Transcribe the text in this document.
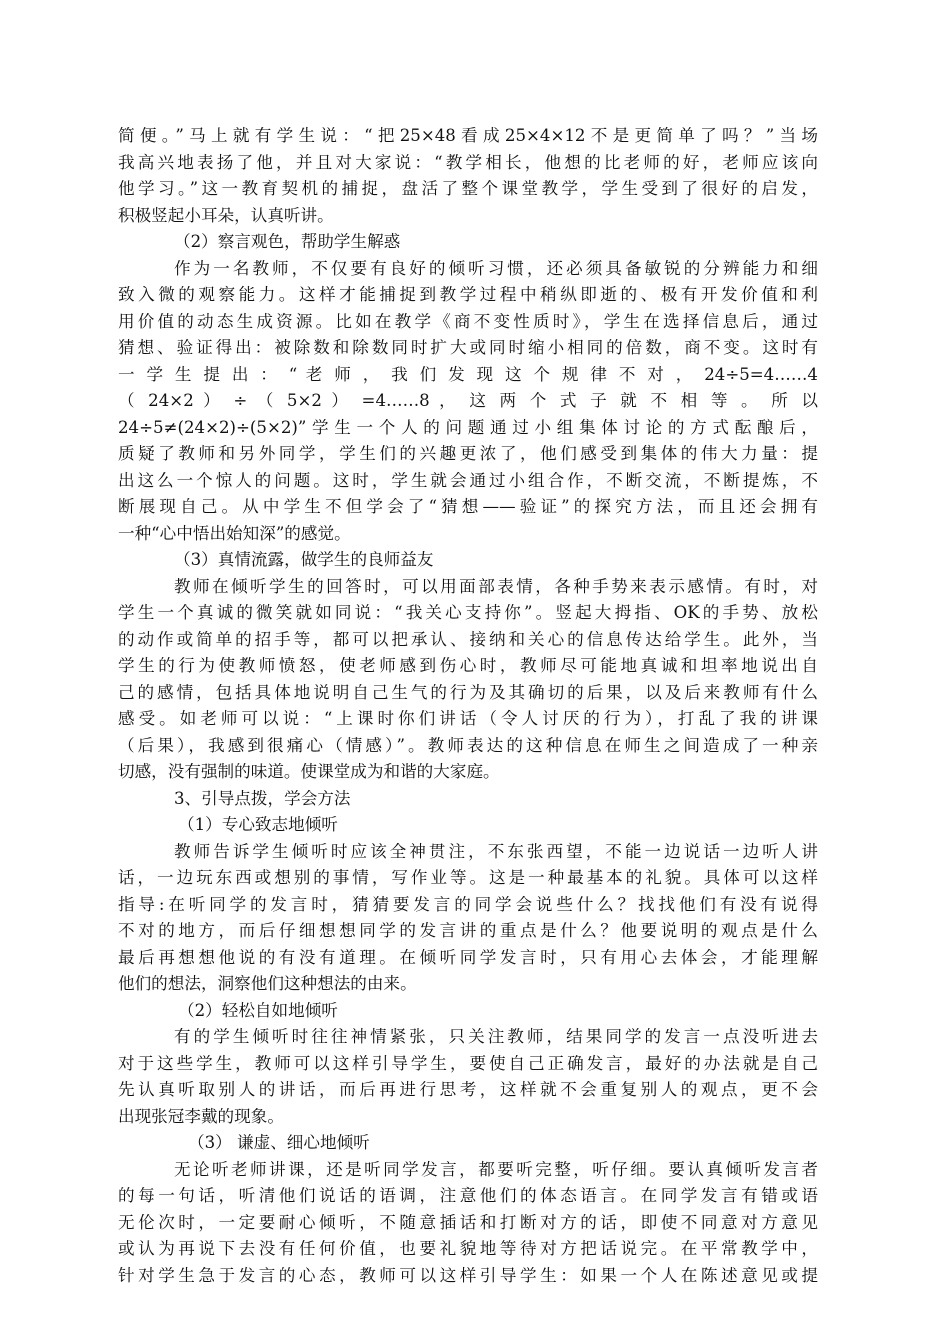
简便。”马上就有学生说：“把25×48看成25×4×12不是更简单了吗？”当场
我高兴地表扬了他，并且对大家说：“教学相长，他想的比老师的好，老师应该向
他学习。”这一教育契机的捕捉，盘活了整个课堂教学，学生受到了很好的启发，
积极竖起小耳朵，认真听讲。
（2）察言观色，帮助学生解惑
作为一名教师，不仅要有良好的倾听习惯，还必须具备敏锐的分辨能力和细
致入微的观察能力。这样才能捕捉到教学过程中稍纵即逝的、极有开发价值和利
用价值的动态生成资源。比如在教学《商不变性质时》，学生在选择信息后，通过
猜想、验证得出：被除数和除数同时扩大或同时缩小相同的倍数，商不变。这时有
一 学 生 提 出 ： “ 老 师 ， 我 们 发 现 这 个 规 律 不 对 ， 24÷5=4……4
（ 24×2 ） ÷ （ 5×2 ） =4……8 ， 这 两 个 式 子 就 不 相 等 。 所 以
24÷5≠(24×2)÷(5×2)”学生一个人的问题通过小组集体讨论的方式酝酿后，
质疑了教师和另外同学，学生们的兴趣更浓了，他们感受到集体的伟大力量：提
出这么一个惊人的问题。这时，学生就会通过小组合作，不断交流，不断提炼，不
断展现自己。从中学生不但学会了“猜想——验证”的探究方法，而且还会拥有
一种“心中悟出始知深”的感觉。
（3）真情流露，做学生的良师益友
教师在倾听学生的回答时，可以用面部表情，各种手势来表示感情。有时，对
学生一个真诚的微笑就如同说：“我关心支持你”。竖起大拇指、OK的手势、放松
的动作或简单的招手等，都可以把承认、接纳和关心的信息传达给学生。此外，当
学生的行为使教师愤怒，使老师感到伤心时，教师尽可能地真诚和坦率地说出自
己的感情，包括具体地说明自己生气的行为及其确切的后果，以及后来教师有什么
感受。如老师可以说：“上课时你们讲话（令人讨厌的行为），打乱了我的讲课
（后果），我感到很痛心（情感）”。教师表达的这种信息在师生之间造成了一种亲
切感，没有强制的味道。使课堂成为和谐的大家庭。
3、引导点拨，学会方法
（1）专心致志地倾听
教师告诉学生倾听时应该全神贯注，不东张西望，不能一边说话一边听人讲
话，一边玩东西或想别的事情，写作业等。这是一种最基本的礼貌。具体可以这样
指导:在听同学的发言时，猜猜要发言的同学会说些什么？找找他们有没有说得
不对的地方，而后仔细想想同学的发言讲的重点是什么？他要说明的观点是什么
最后再想想他说的有没有道理。在倾听同学发言时，只有用心去体会，才能理解
他们的想法，洞察他们这种想法的由来。
（2）轻松自如地倾听
有的学生倾听时往往神情紧张，只关注教师，结果同学的发言一点没听进去
对于这些学生，教师可以这样引导学生，要使自己正确发言，最好的办法就是自己
先认真听取别人的讲话，而后再进行思考，这样就不会重复别人的观点，更不会
出现张冠李戴的现象。
（3） 谦虚、细心地倾听
无论听老师讲课，还是听同学发言，都要听完整，听仔细。要认真倾听发言者
的每一句话，听清他们说话的语调，注意他们的体态语言。在同学发言有错或语
无伦次时，一定要耐心倾听，不随意插话和打断对方的话，即使不同意对方意见
或认为再说下去没有任何价值，也要礼貌地等待对方把话说完。在平常教学中，
针对学生急于发言的心态，教师可以这样引导学生：如果一个人在陈述意见或提
